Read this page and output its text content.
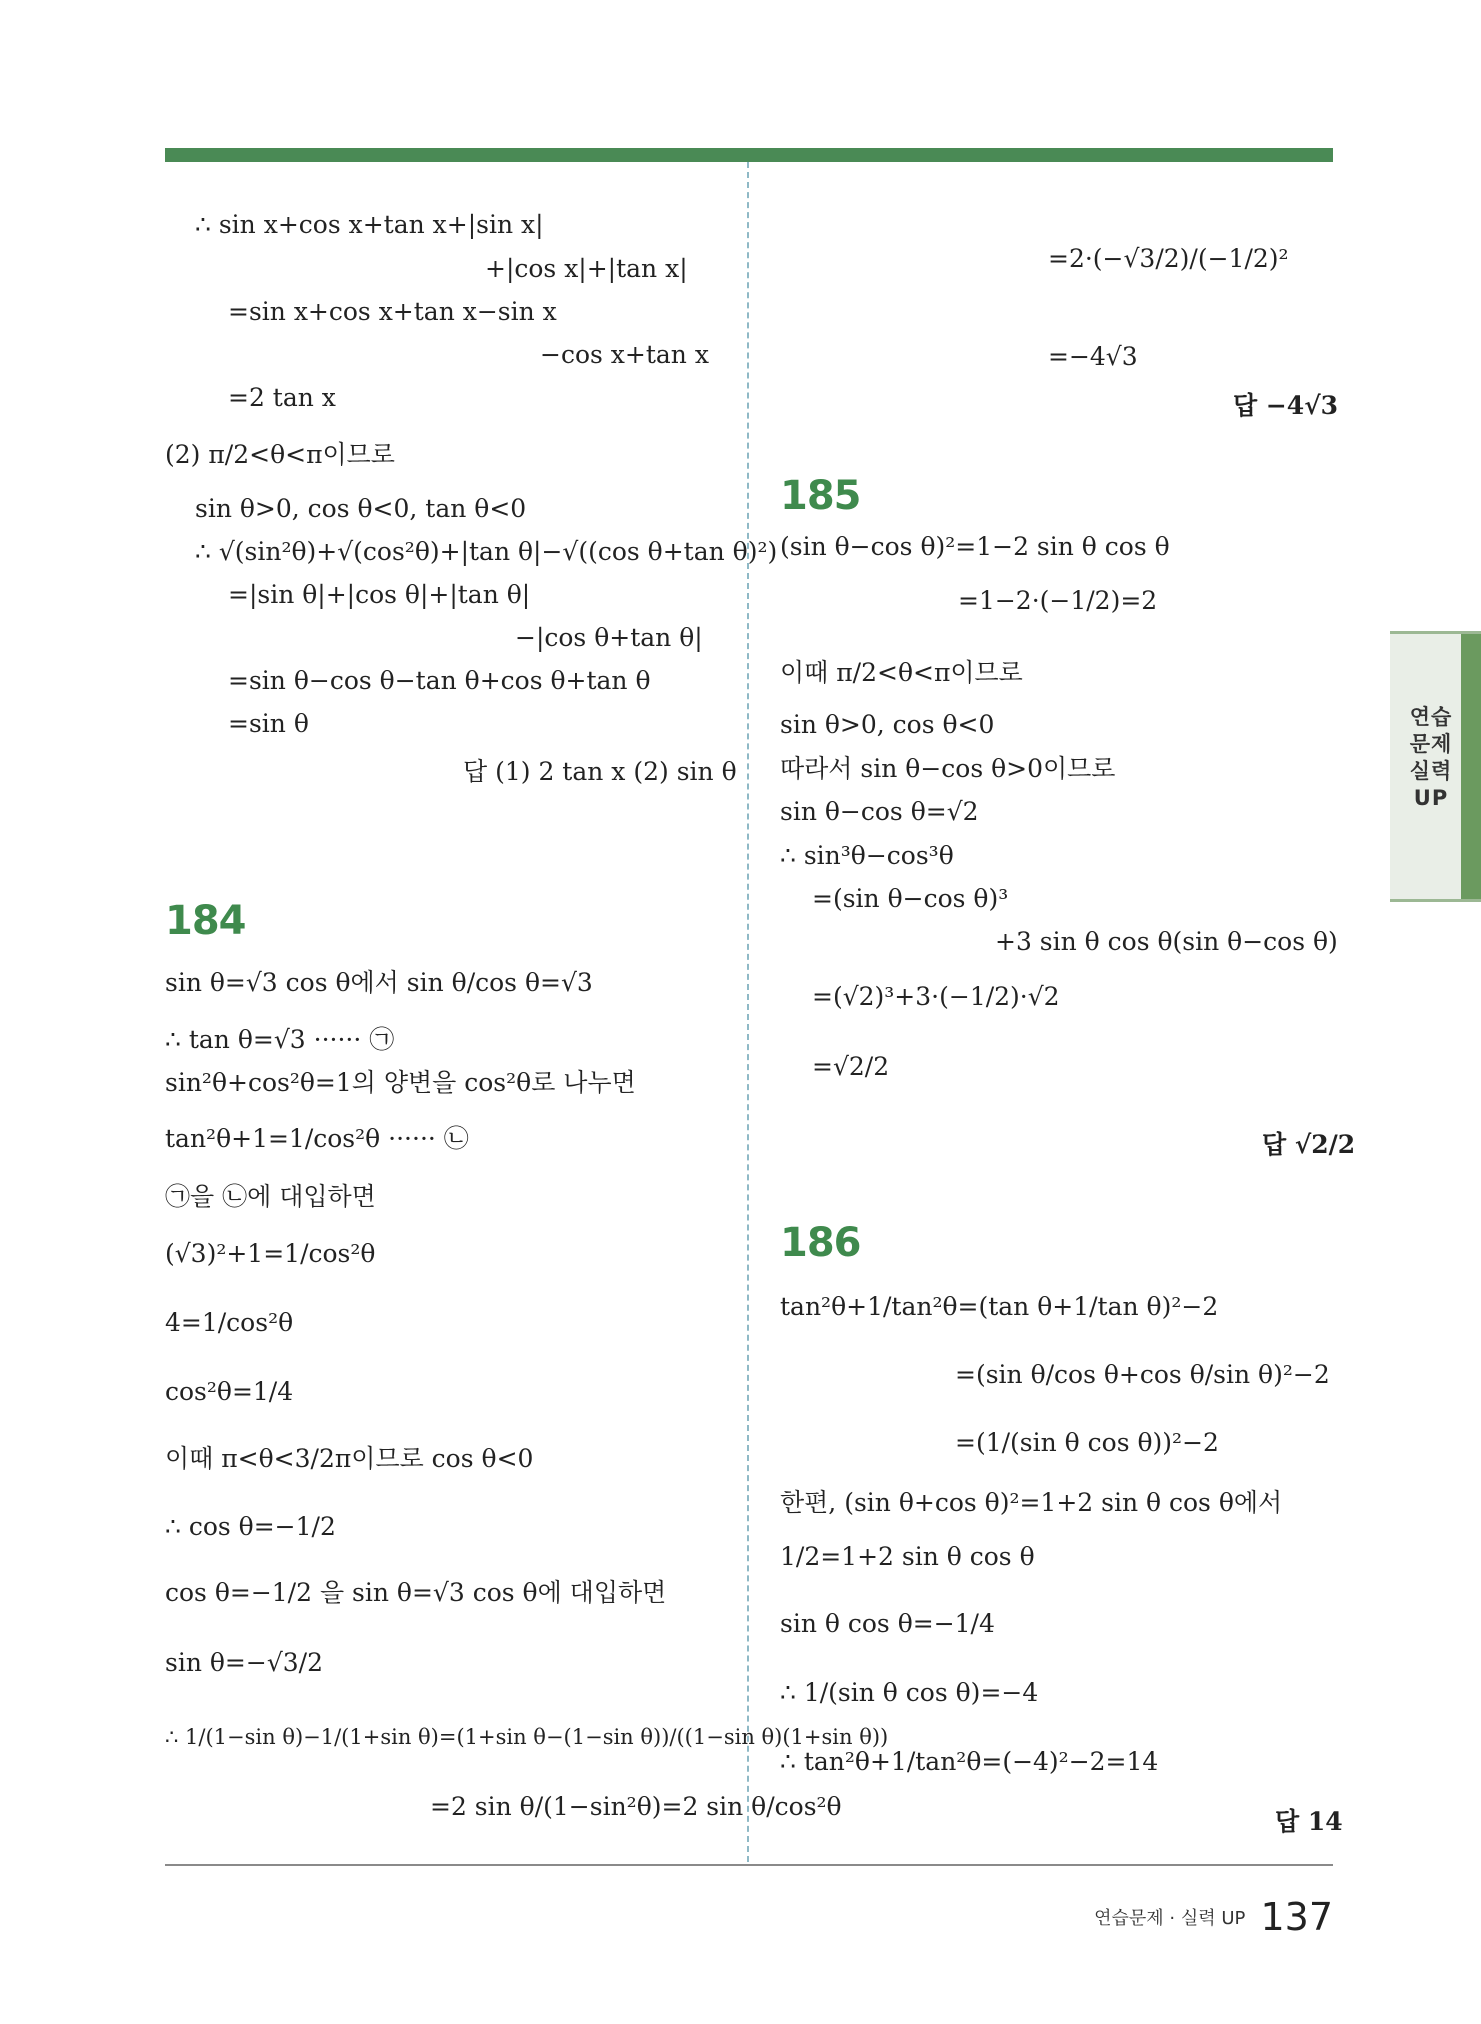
∴ sin x+cos x+tan x+|sin x|
+|cos x|+|tan x|
=sin x+cos x+tan x−sin x
−cos x+tan x
=2 tan x
(2) π/2<θ<π이므로
sin θ>0, cos θ<0, tan θ<0
∴ √(sin²θ)+√(cos²θ)+|tan θ|−√((cos θ+tan θ)²)
=|sin θ|+|cos θ|+|tan θ|
−|cos θ+tan θ|
=sin θ−cos θ−tan θ+cos θ+tan θ
=sin θ
답 (1) 2 tan x (2) sin θ
184
sin θ=√3 cos θ에서 sin θ/cos θ=√3
∴ tan θ=√3 ······ ㉠
sin²θ+cos²θ=1의 양변을 cos²θ로 나누면
tan²θ+1=1/cos²θ ······ ㉡
㉠을 ㉡에 대입하면
(√3)²+1=1/cos²θ
4=1/cos²θ
cos²θ=1/4
이때 π<θ<3/2π이므로 cos θ<0
∴ cos θ=−1/2
cos θ=−1/2 을 sin θ=√3 cos θ에 대입하면
sin θ=−√3/2
∴ 1/(1−sin θ)−1/(1+sin θ)=(1+sin θ−(1−sin θ))/((1−sin θ)(1+sin θ))
=2 sin θ/(1−sin²θ)=2 sin θ/cos²θ
=2·(−√3/2)/(−1/2)²
=−4√3
답 −4√3
185
(sin θ−cos θ)²=1−2 sin θ cos θ
=1−2·(−1/2)=2
이때 π/2<θ<π이므로
sin θ>0, cos θ<0
따라서 sin θ−cos θ>0이므로
sin θ−cos θ=√2
∴ sin³θ−cos³θ
=(sin θ−cos θ)³
+3 sin θ cos θ(sin θ−cos θ)
=(√2)³+3·(−1/2)·√2
=√2/2
답 √2/2
186
tan²θ+1/tan²θ=(tan θ+1/tan θ)²−2
=(sin θ/cos θ+cos θ/sin θ)²−2
=(1/(sin θ cos θ))²−2
한편, (sin θ+cos θ)²=1+2 sin θ cos θ에서
1/2=1+2 sin θ cos θ
sin θ cos θ=−1/4
∴ 1/(sin θ cos θ)=−4
∴ tan²θ+1/tan²θ=(−4)²−2=14
답 14
연습문제 실력UP
연습문제 · 실력 UP 137
